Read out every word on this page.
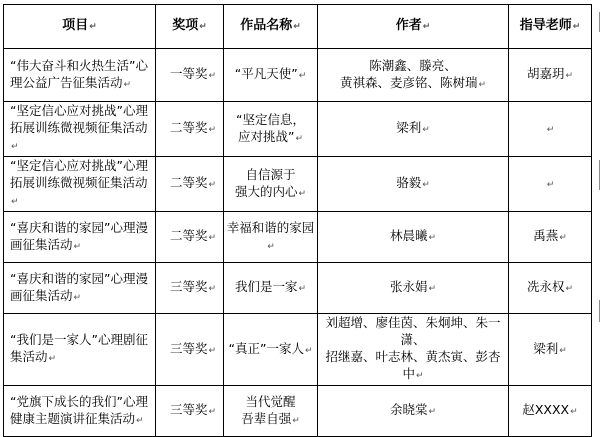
项目↵	奖项↵	作品名称↵	作者↵	指导老师↵

“伟大奋斗和火热生活”心
理公益广告征集活动↵	一等奖↵	“平凡天使”↵	陈潮鑫、滕亮、
黄祺森、麦彦铭、陈树瑞↵	胡嘉玥↵

“坚定信心应对挑战”心理
拓展训练微视频征集活动↵	二等奖↵	“坚定信息，
应对挑战”↵	梁利↵	↵

“坚定信心应对挑战”心理
拓展训练微视频征集活动↵	二等奖↵	自信源于
强大的内心↵	骆毅↵	↵

“喜庆和谐的家园”心理漫
画征集活动↵	二等奖↵	幸福和谐的家园↵	林晨曦↵	禹燕↵

“喜庆和谐的家园”心理漫
画征集活动↵	三等奖↵	我们是一家↵	张永娟↵	冼永权↵

“我们是一家人”心理剧征
集活动↵	三等奖↵	“真正”一家人↵	刘超增、廖佳茵、朱炯坤、朱一潇、
招继嘉、叶志林、黄杰寅、彭杏中↵	梁利↵

“党旗下成长的我们”心理
健康主题演讲征集活动↵	三等奖↵	当代觉醒
吾辈自强↵	余晓棠↵	赵XXXX↵
